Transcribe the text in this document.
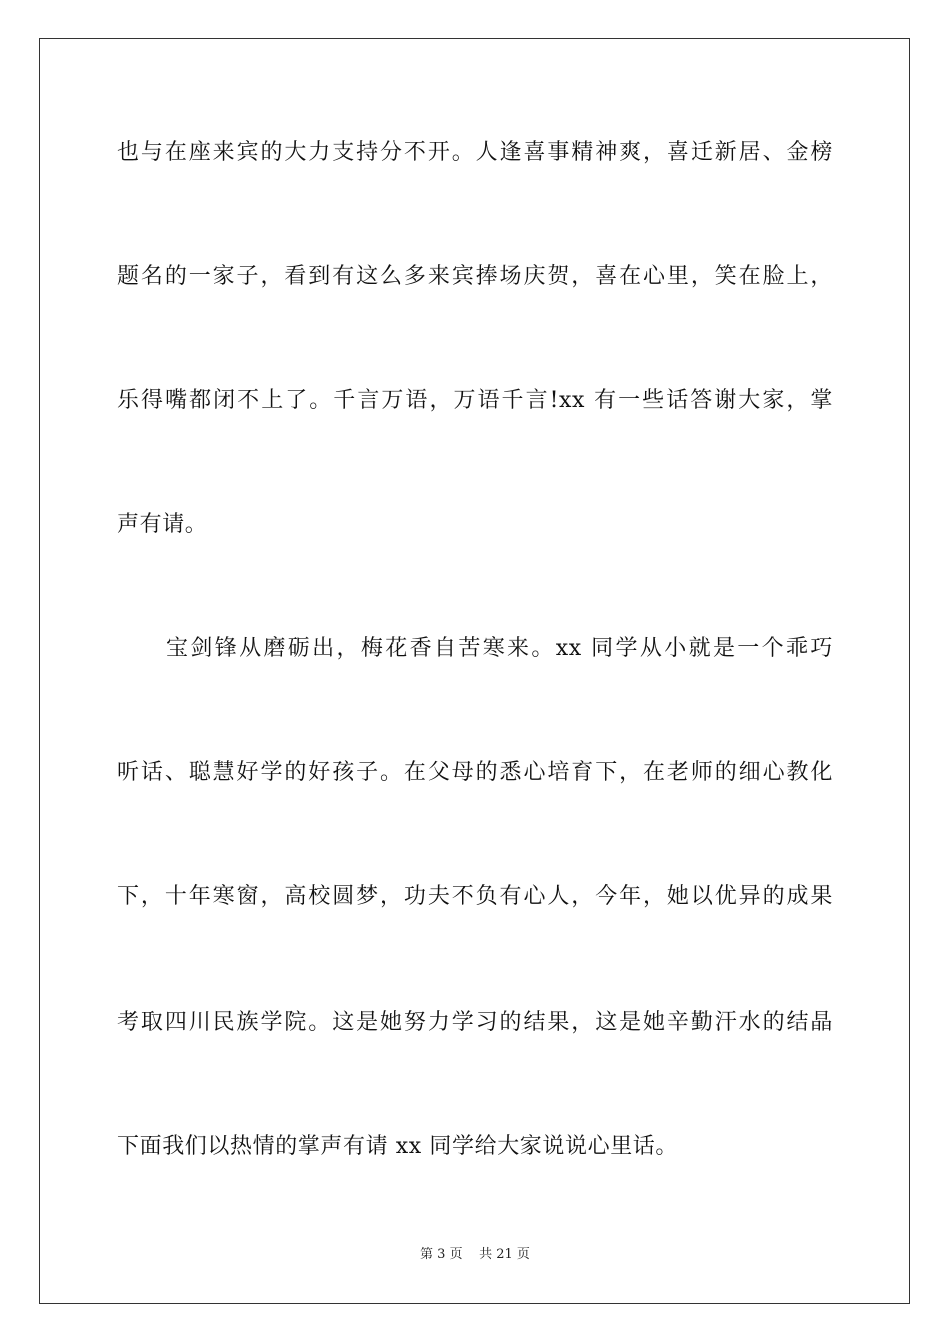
也与在座来宾的大力支持分不开。人逢喜事精神爽，喜迁新居、金榜
题名的一家子，看到有这么多来宾捧场庆贺，喜在心里，笑在脸上，
乐得嘴都闭不上了。千言万语，万语千言!xx 有一些话答谢大家，掌
声有请。
宝剑锋从磨砺出，梅花香自苦寒来。xx 同学从小就是一个乖巧
听话、聪慧好学的好孩子。在父母的悉心培育下，在老师的细心教化
下，十年寒窗，高校圆梦，功夫不负有心人，今年，她以优异的成果
考取四川民族学院。这是她努力学习的结果，这是她辛勤汗水的结晶
下面我们以热情的掌声有请 xx 同学给大家说说心里话。
第 3 页 共 21 页
